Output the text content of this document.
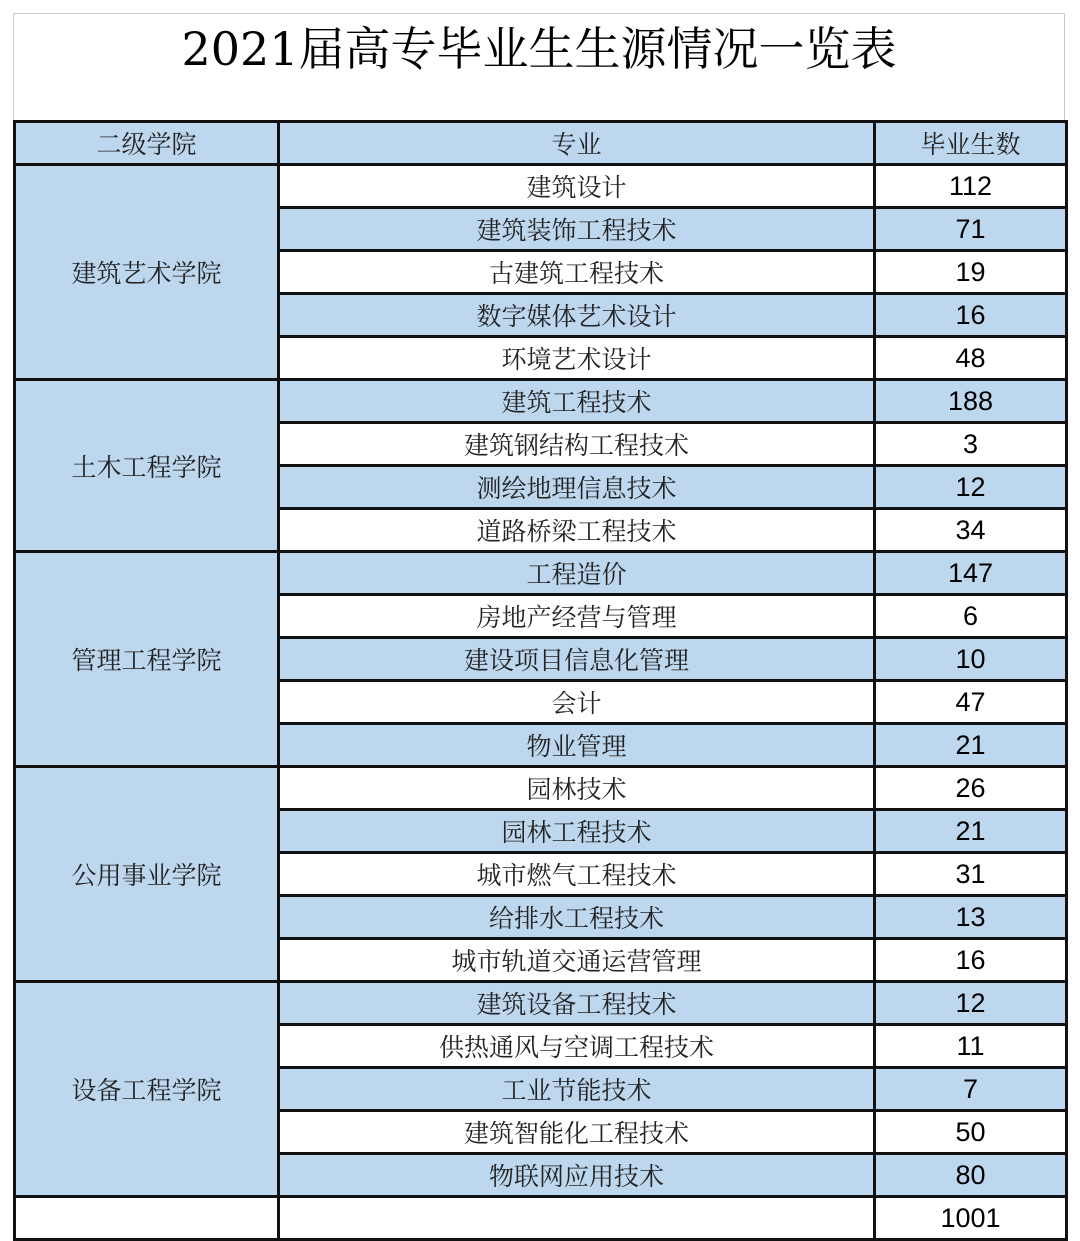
2021届高专毕业生生源情况一览表
二级学院	专业	毕业生数
建筑艺术学院	建筑设计	112
	建筑装饰工程技术	71
	古建筑工程技术	19
	数字媒体艺术设计	16
	环境艺术设计	48
土木工程学院	建筑工程技术	188
	建筑钢结构工程技术	3
	测绘地理信息技术	12
	道路桥梁工程技术	34
管理工程学院	工程造价	147
	房地产经营与管理	6
	建设项目信息化管理	10
	会计	47
	物业管理	21
公用事业学院	园林技术	26
	园林工程技术	21
	城市燃气工程技术	31
	给排水工程技术	13
	城市轨道交通运营管理	16
设备工程学院	建筑设备工程技术	12
	供热通风与空调工程技术	11
	工业节能技术	7
	建筑智能化工程技术	50
	物联网应用技术	80
		1001
